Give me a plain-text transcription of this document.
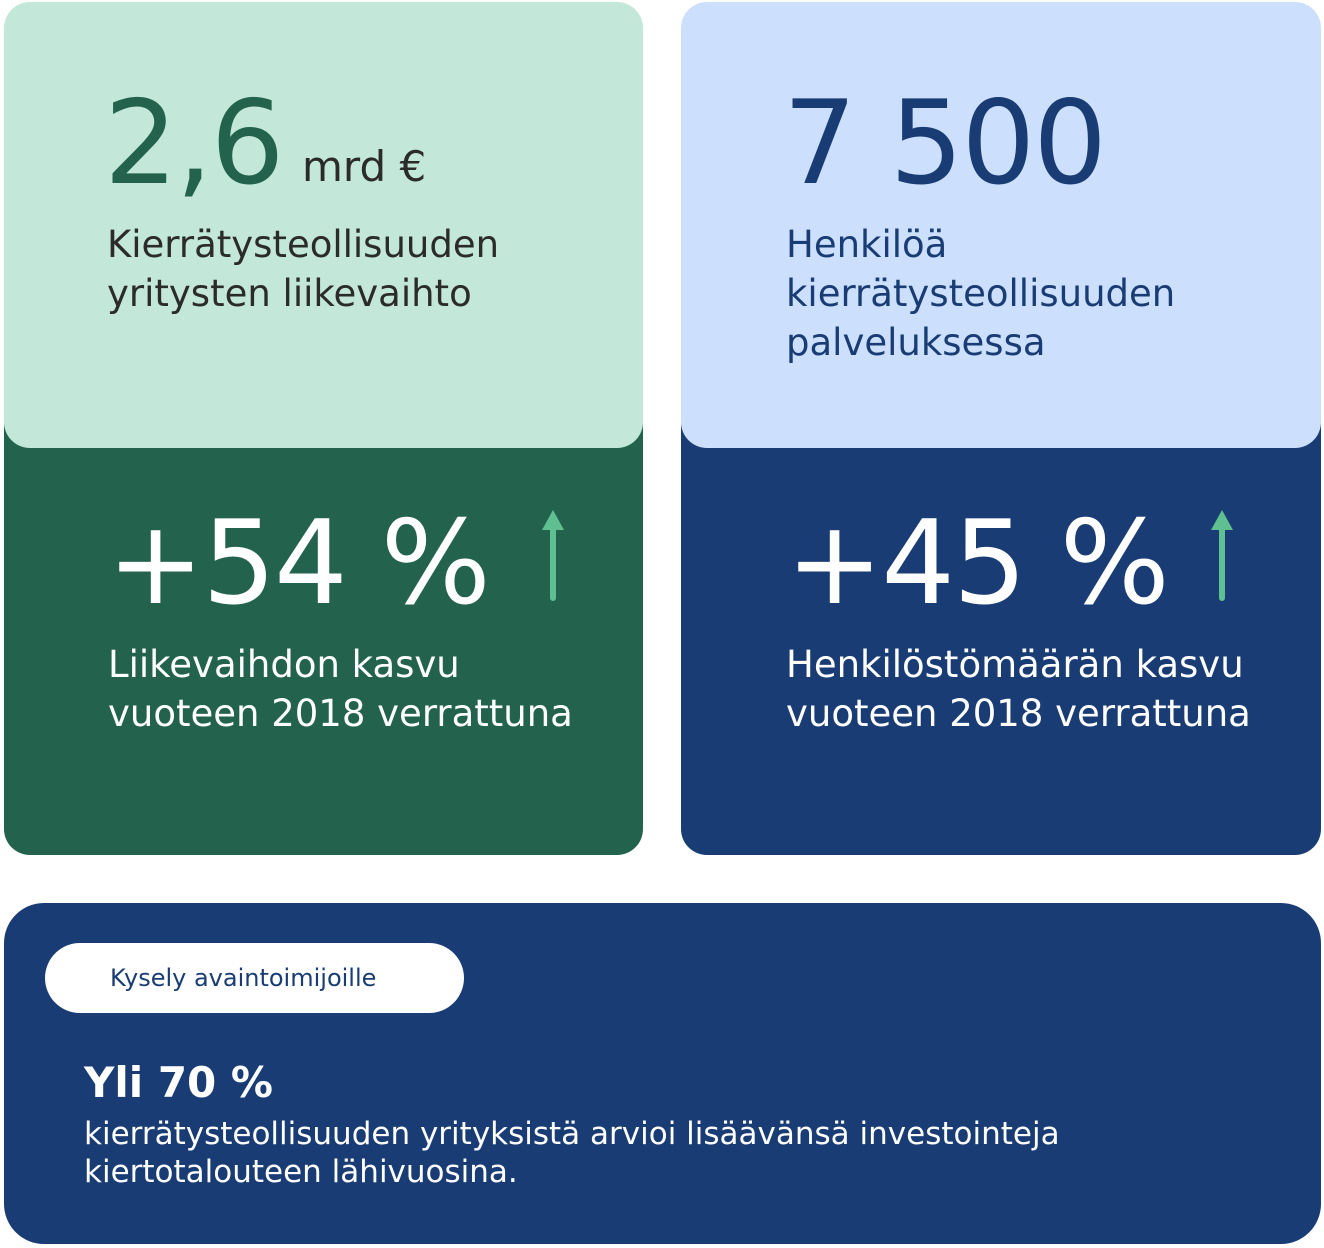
2,6 mrd €
Kierrätysteollisuuden yritysten liikevaihto
7 500
Henkilöä kierrätysteollisuuden palveluksessa
+54 %
Liikevaihdon kasvu vuoteen 2018 verrattuna
+45 %
Henkilöstömäärän kasvu vuoteen 2018 verrattuna
Kysely avaintoimijoille
Yli 70 %
kierrätysteollisuuden yrityksistä arvioi lisäävänsä investointeja kiertotalouteen lähivuosina.
